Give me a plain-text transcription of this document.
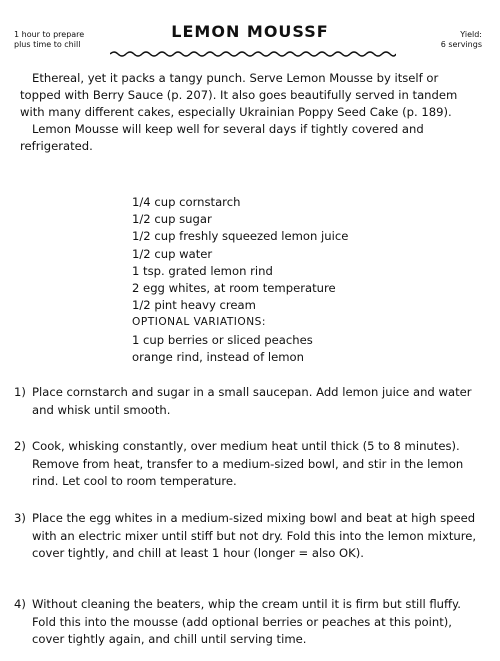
1 hour to prepare
plus time to chill
LEMON MOUSSF	Yield:
6 servings

Ethereal, yet it packs a tangy punch. Serve Lemon Mousse by itself or topped with Berry Sauce (p. 207). It also goes beautifully served in tandem with many different cakes, especially Ukrainian Poppy Seed Cake (p. 189).

Lemon Mousse will keep well for several days if tightly covered and refrigerated.

1/4 cup cornstarch
1/2 cup sugar
1/2 cup freshly squeezed lemon juice
1/2 cup water
1 tsp. grated lemon rind
2 egg whites, at room temperature
1/2 pint heavy cream
OPTIONAL VARIATIONS:
1 cup berries or sliced peaches
orange rind, instead of lemon
1) Place cornstarch and sugar in a small saucepan. Add lemon juice and water and whisk until smooth.
2) Cook, whisking constantly, over medium heat until thick (5 to 8 minutes). Remove from heat, transfer to a medium-sized bowl, and stir in the lemon rind. Let cool to room temperature.
3) Place the egg whites in a medium-sized mixing bowl and beat at high speed with an electric mixer until stiff but not dry. Fold this into the lemon mixture, cover tightly, and chill at least 1 hour (longer = also OK).
4) Without cleaning the beaters, whip the cream until it is firm but still fluffy. Fold this into the mousse (add optional berries or peaches at this point), cover tightly again, and chill until serving time.
